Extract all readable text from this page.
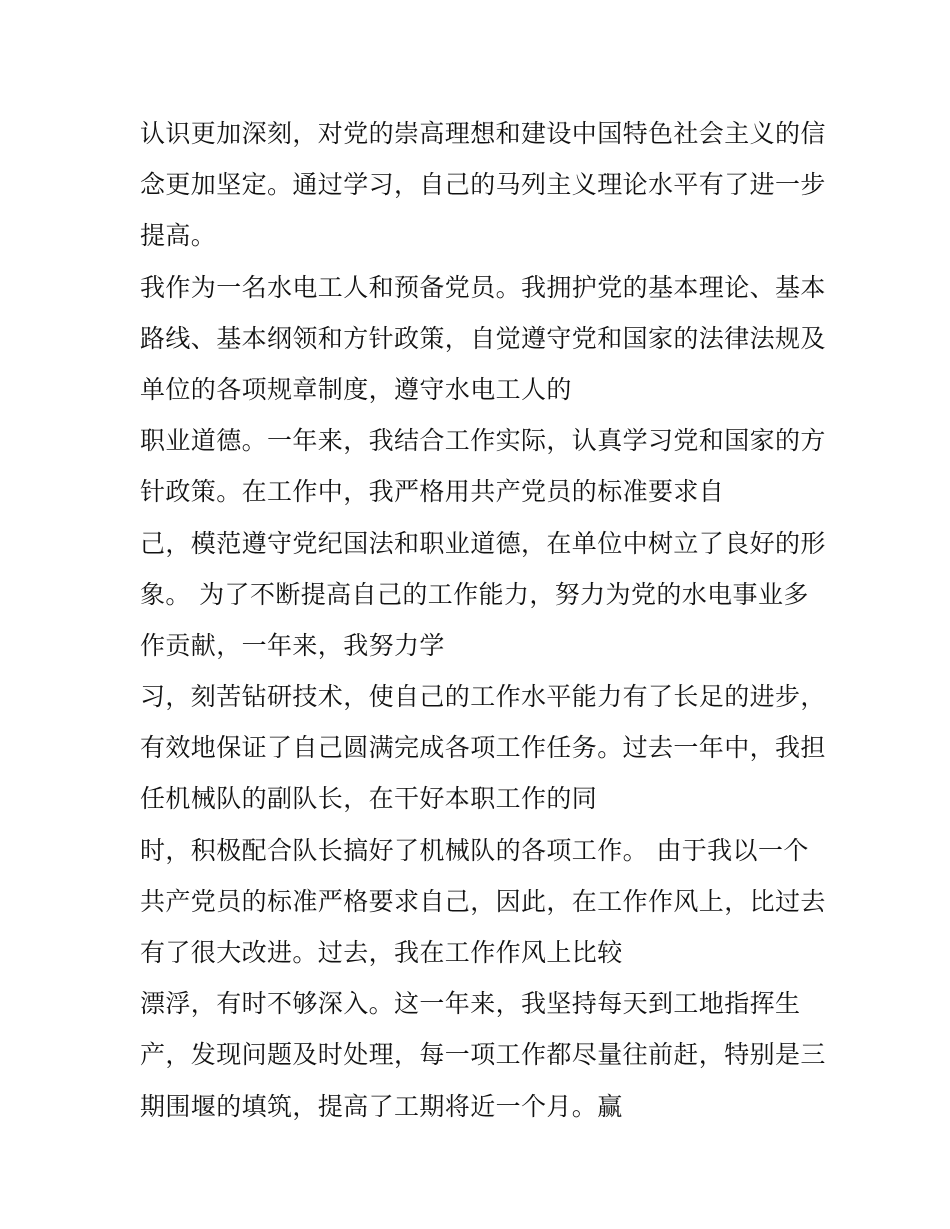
认识更加深刻，对党的崇高理想和建设中国特色社会主义的信
念更加坚定。通过学习，自己的马列主义理论水平有了进一步
提高。
我作为一名水电工人和预备党员。我拥护党的基本理论、基本
路线、基本纲领和方针政策，自觉遵守党和国家的法律法规及
单位的各项规章制度，遵守水电工人的
职业道德。一年来，我结合工作实际，认真学习党和国家的方
针政策。在工作中，我严格用共产党员的标准要求自
己，模范遵守党纪国法和职业道德，在单位中树立了良好的形
象。 为了不断提高自己的工作能力，努力为党的水电事业多
作贡献，一年来，我努力学
习，刻苦钻研技术，使自己的工作水平能力有了长足的进步，
有效地保证了自己圆满完成各项工作任务。过去一年中，我担
任机械队的副队长，在干好本职工作的同
时，积极配合队长搞好了机械队的各项工作。 由于我以一个
共产党员的标准严格要求自己，因此，在工作作风上，比过去
有了很大改进。过去，我在工作作风上比较
漂浮，有时不够深入。这一年来，我坚持每天到工地指挥生
产，发现问题及时处理，每一项工作都尽量往前赶，特别是三
期围堰的填筑，提高了工期将近一个月。赢
